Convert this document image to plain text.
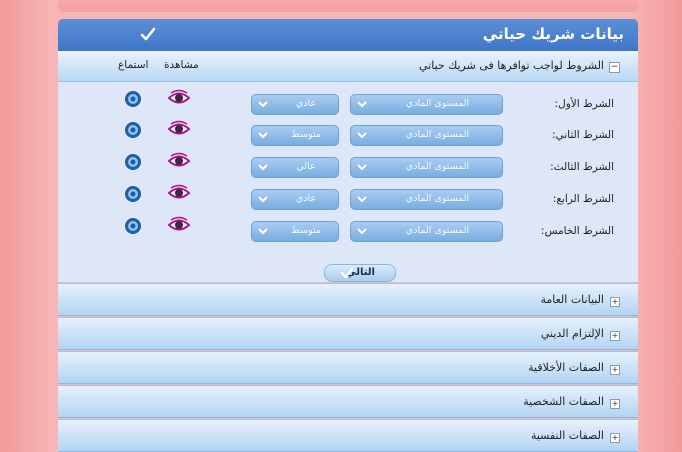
بيانات شريك حياتي
−
الشروط لواجب توافرها فى شريك حياتي
مشاهدة
استماع
الشرط الأول:
المستوى المادي
عادي
الشرط الثاني:
المستوى المادي
متوسط
الشرط الثالث:
المستوى المادي
عالي
الشرط الرابع:
المستوى المادي
عادي
الشرط الخامس:
المستوى المادي
متوسط
التالي
+
البيانات العامة
+
الإلتزام الديني
+
الصفات الأخلاقية
+
الصفات الشخصية
+
الصفات النفسية
